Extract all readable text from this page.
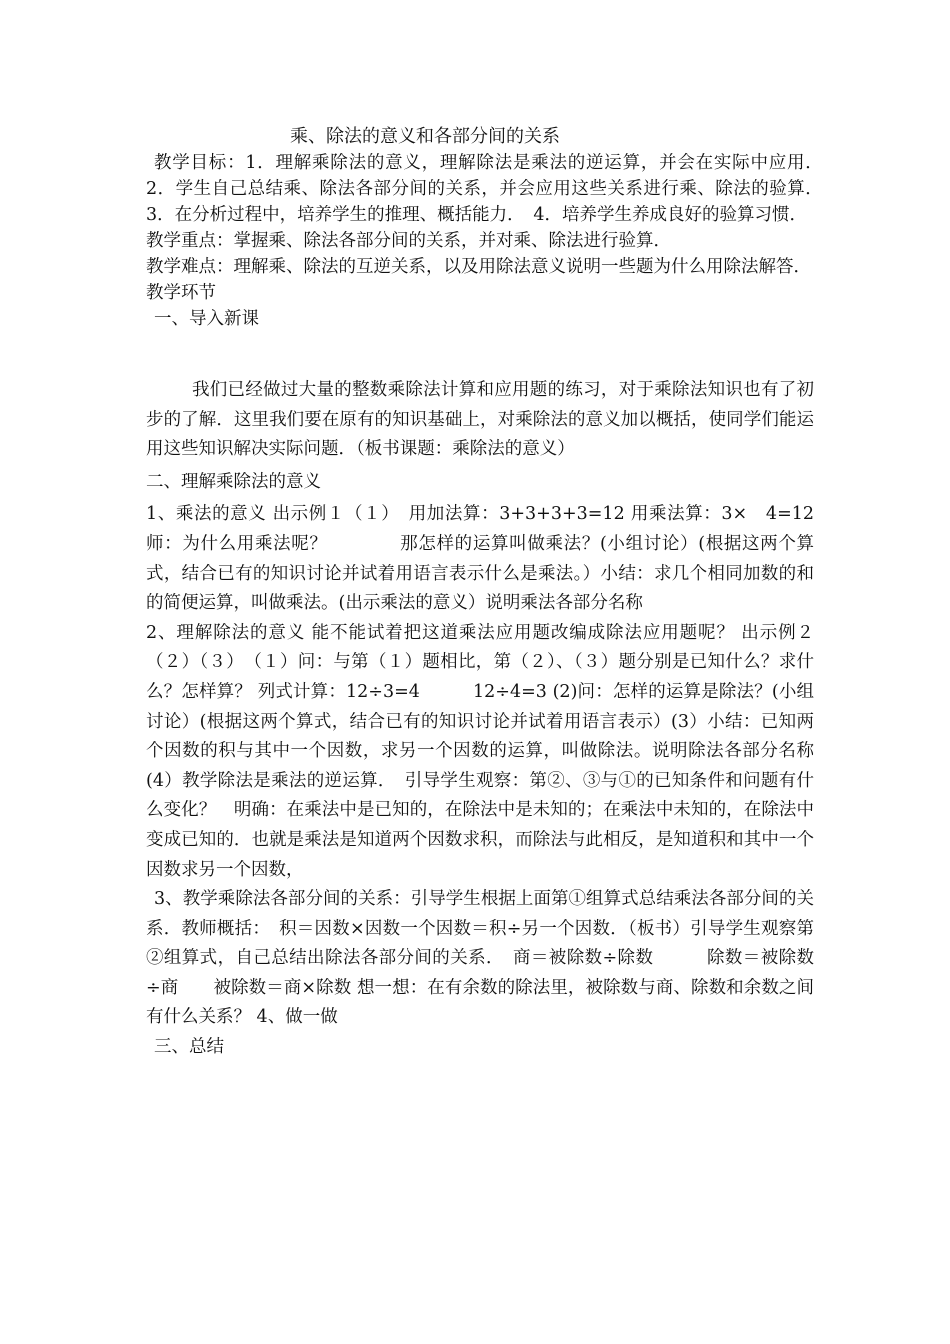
乘、除法的意义和各部分间的关系

教学目标：1．理解乘除法的意义，理解除法是乘法的逆运算，并会在实际中应用．　2．学生自己总结乘、除法各部分间的关系，并会应用这些关系进行乘、除法的验算．　3．在分析过程中，培养学生的推理、概括能力．　4．培养学生养成良好的验算习惯．

教学重点：掌握乘、除法各部分间的关系，并对乘、除法进行验算．

教学难点：理解乘、除法的互逆关系，以及用除法意义说明一些题为什么用除法解答．

教学环节

一、导入新课

我们已经做过大量的整数乘除法计算和应用题的练习，对于乘除法知识也有了初步的了解．这里我们要在原有的知识基础上，对乘除法的意义加以概括，使同学们能运用这些知识解决实际问题．（板书课题：乘除法的意义）

二、理解乘除法的意义

1、乘法的意义 出示例１（１）　用加法算：3+3+3+3=12 用乘法算：3×　4=12 师：为什么用乘法呢？　　　　那怎样的运算叫做乘法？(小组讨论）(根据这两个算式，结合已有的知识讨论并试着用语言表示什么是乘法。）小结：求几个相同加数的和的简便运算，叫做乘法。(出示乘法的意义）说明乘法各部分名称

2、理解除法的意义 能不能试着把这道乘法应用题改编成除法应用题呢？ 出示例２（２）（３）　（１）问：与第（１）题相比，第（２）、（３）题分别是已知什么？求什么？怎样算？ 列式计算：12÷3=4　　　12÷4=3 (2)问：怎样的运算是除法？(小组讨论）(根据这两个算式，结合已有的知识讨论并试着用语言表示）(3）小结：已知两个因数的积与其中一个因数，求另一个因数的运算，叫做除法。说明除法各部分名称　(4）教学除法是乘法的逆运算．　引导学生观察：第②、③与①的已知条件和问题有什么变化？　明确：在乘法中是已知的，在除法中是未知的；在乘法中未知的，在除法中变成已知的．也就是乘法是知道两个因数求积，而除法与此相反，是知道积和其中一个因数求另一个因数，

3、教学乘除法各部分间的关系：引导学生根据上面第①组算式总结乘法各部分间的关系．教师概括：　积＝因数×因数一个因数＝积÷另一个因数．（板书）引导学生观察第②组算式，自己总结出除法各部分间的关系．　商＝被除数÷除数　　　除数＝被除数÷商　　被除数＝商×除数 想一想：在有余数的除法里，被除数与商、除数和余数之间有什么关系？ 4、做一做

三、总结
